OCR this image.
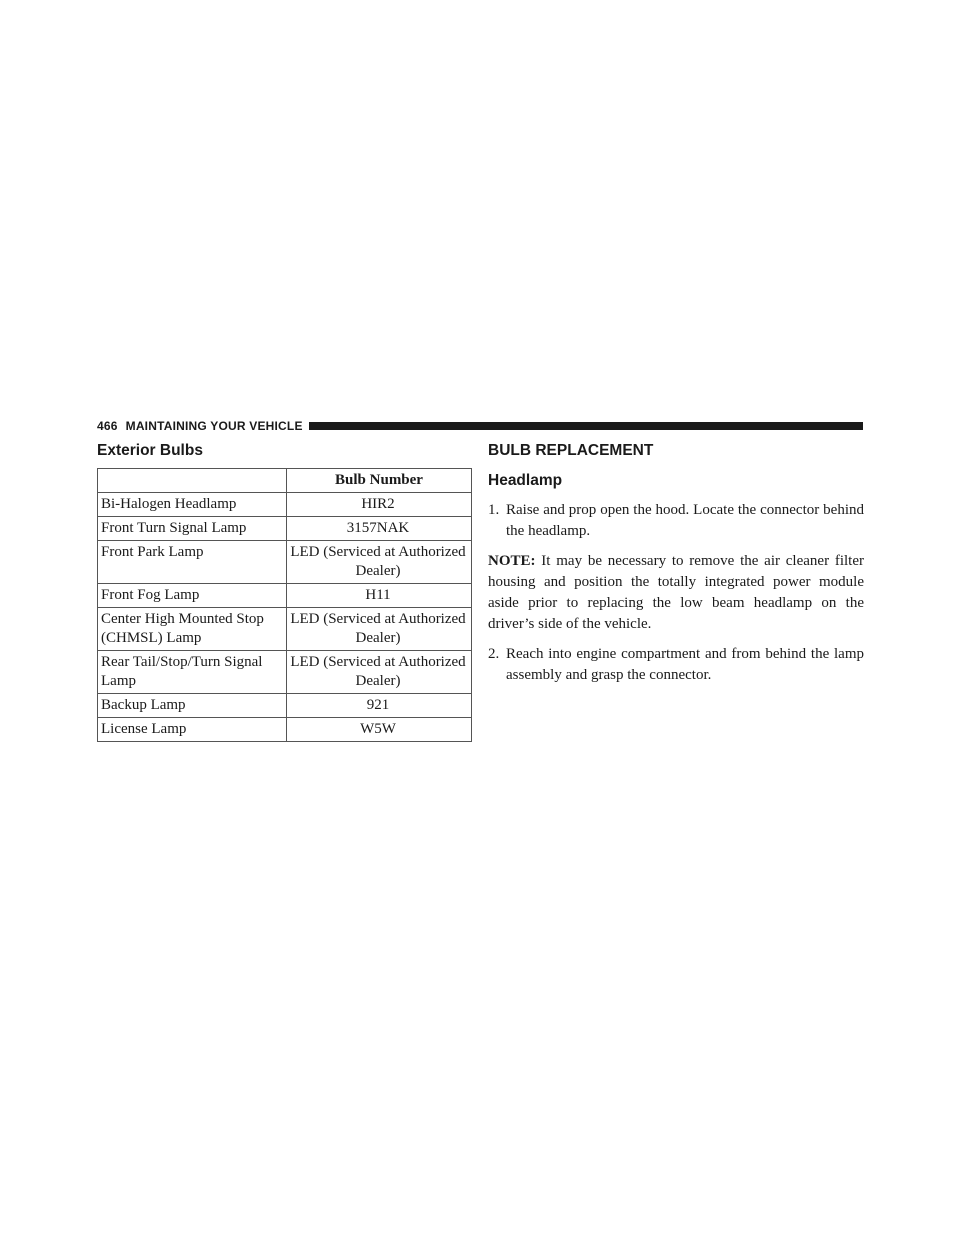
466 MAINTAINING YOUR VEHICLE
Exterior Bulbs
	Bulb Number
Bi-Halogen Headlamp	HIR2
Front Turn Signal Lamp	3157NAK
Front Park Lamp	LED (Serviced at Authorized Dealer)
Front Fog Lamp	H11
Center High Mounted Stop (CHMSL) Lamp	LED (Serviced at Authorized Dealer)
Rear Tail/Stop/Turn Signal Lamp	LED (Serviced at Authorized Dealer)
Backup Lamp	921
License Lamp	W5W
BULB REPLACEMENT
Headlamp
1. Raise and prop open the hood. Locate the connector behind the headlamp.

NOTE: It may be necessary to remove the air cleaner filter housing and position the totally integrated power module aside prior to replacing the low beam headlamp on the driver’s side of the vehicle.

2. Reach into engine compartment and from behind the lamp assembly and grasp the connector.
